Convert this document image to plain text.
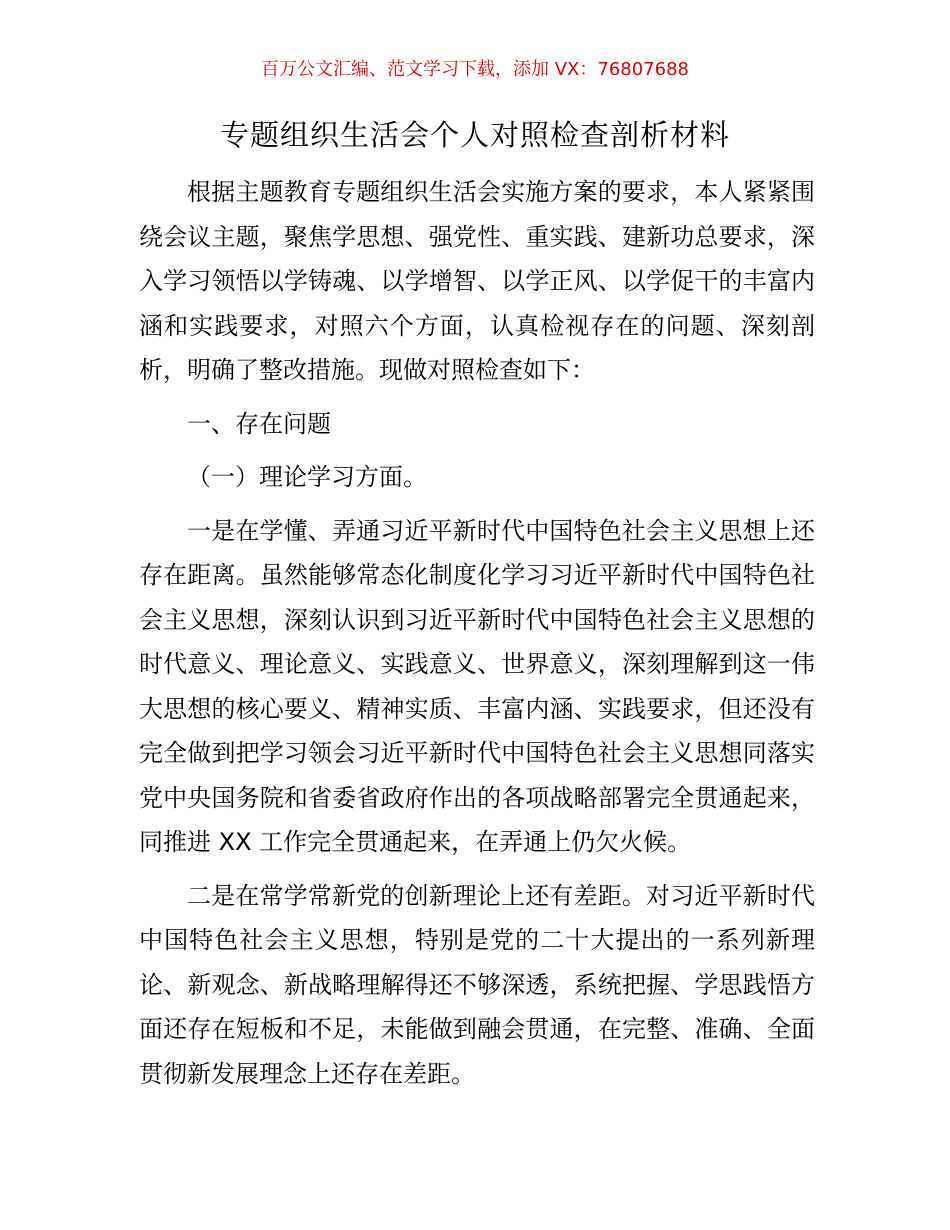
百万公文汇编、范文学习下载，添加 VX：76807688
专题组织生活会个人对照检查剖析材料

根据主题教育专题组织生活会实施方案的要求，本人紧紧围绕会议主题，聚焦学思想、强党性、重实践、建新功总要求，深入学习领悟以学铸魂、以学增智、以学正风、以学促干的丰富内涵和实践要求，对照六个方面，认真检视存在的问题、深刻剖析，明确了整改措施。现做对照检查如下：

一、存在问题

（一）理论学习方面。

一是在学懂、弄通习近平新时代中国特色社会主义思想上还存在距离。虽然能够常态化制度化学习习近平新时代中国特色社会主义思想，深刻认识到习近平新时代中国特色社会主义思想的时代意义、理论意义、实践意义、世界意义，深刻理解到这一伟大思想的核心要义、精神实质、丰富内涵、实践要求，但还没有完全做到把学习领会习近平新时代中国特色社会主义思想同落实党中央国务院和省委省政府作出的各项战略部署完全贯通起来，同推进 XX 工作完全贯通起来，在弄通上仍欠火候。

二是在常学常新党的创新理论上还有差距。对习近平新时代中国特色社会主义思想，特别是党的二十大提出的一系列新理论、新观念、新战略理解得还不够深透，系统把握、学思践悟方面还存在短板和不足，未能做到融会贯通，在完整、准确、全面贯彻新发展理念上还存在差距。
